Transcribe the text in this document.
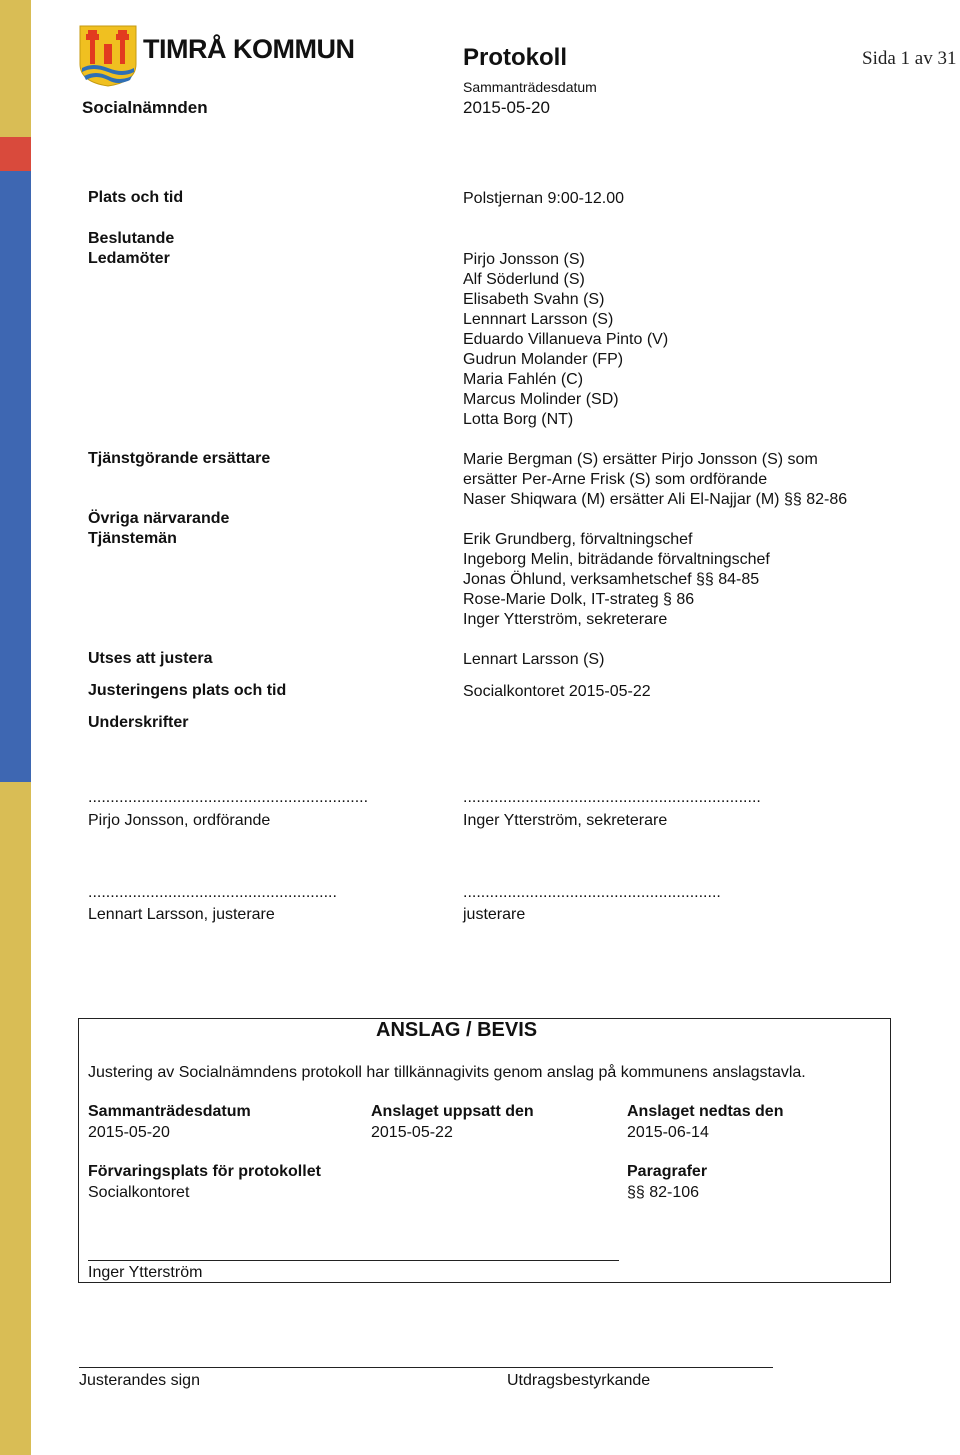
TIMRÅ KOMMUN	Protokoll	Sida 1 av 31
Sammanträdesdatum
Socialnämnden	2015-05-20
Plats och tid	Polstjernan 9:00-12.00
Beslutande
Ledamöter	Pirjo Jonsson (S)
Alf Söderlund (S)
Elisabeth Svahn (S)
Lennnart Larsson (S)
Eduardo Villanueva Pinto (V)
Gudrun Molander (FP)
Maria Fahlén (C)
Marcus Molinder (SD)
Lotta Borg (NT)
Tjänstgörande ersättare	Marie Bergman (S) ersätter Pirjo Jonsson (S) som
ersätter Per-Arne Frisk (S) som ordförande
Naser Shiqwara (M) ersätter Ali El-Najjar (M) §§ 82-86
Övriga närvarande
Tjänstemän	Erik Grundberg, förvaltningschef
Ingeborg Melin, biträdande förvaltningschef
Jonas Öhlund, verksamhetschef §§ 84-85
Rose-Marie Dolk, IT-strateg § 86
Inger Ytterström, sekreterare
Utses att justera	Lennart Larsson (S)
Justeringens plats och tid	Socialkontoret 2015-05-22
Underskrifter
...............................................................	...................................................................
Pirjo Jonsson, ordförande	Inger Ytterström, sekreterare
........................................................	..........................................................
Lennart Larsson, justerare	justerare
ANSLAG / BEVIS
Justering av Socialnämndens protokoll har tillkännagivits genom anslag på kommunens anslagstavla.
Sammanträdesdatum	Anslaget uppsatt den	Anslaget nedtas den
2015-05-20	2015-05-22	2015-06-14
Förvaringsplats för protokollet	Paragrafer
Socialkontoret	§§ 82-106
Inger Ytterström
Justerandes sign	Utdragsbestyrkande
